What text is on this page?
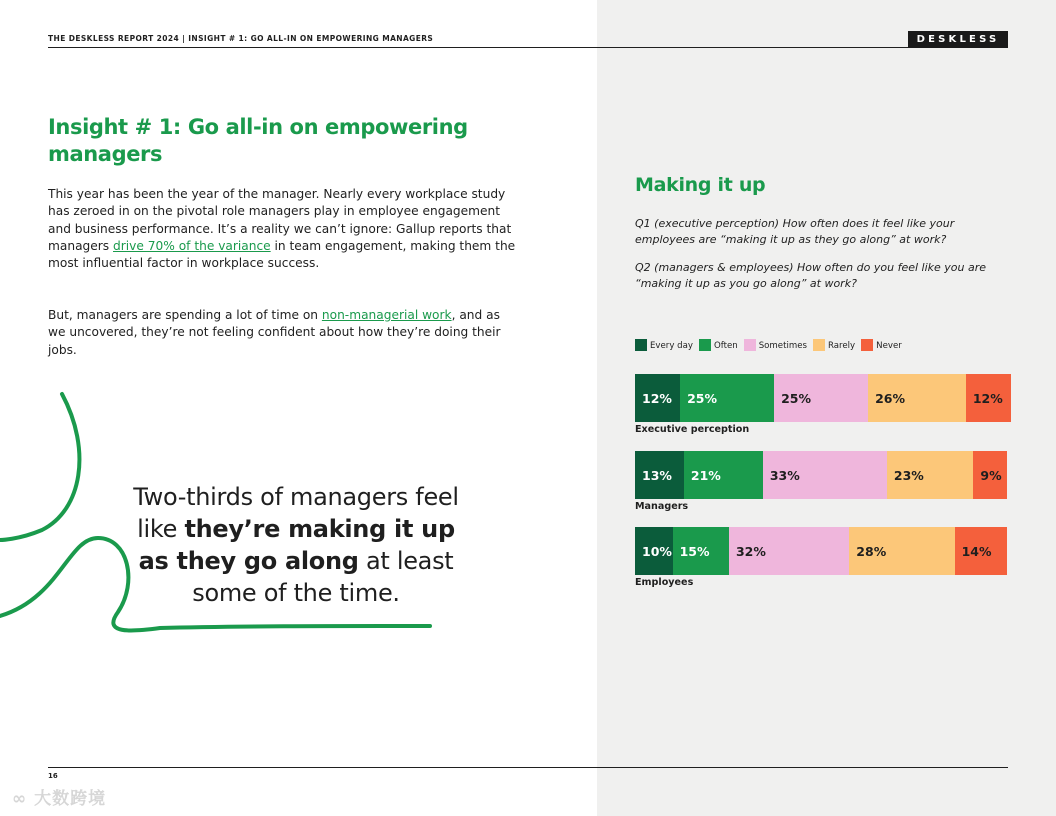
THE DESKLESS REPORT 2024 | INSIGHT # 1: GO ALL-IN ON EMPOWERING MANAGERS	DESKLESS
Insight # 1: Go all-in on empowering managers

This year has been the year of the manager. Nearly every workplace study has zeroed in on the pivotal role managers play in employee engagement and business performance. It’s a reality we can’t ignore: Gallup reports that managers drive 70% of the variance in team engagement, making them the most influential factor in workplace success.

But, managers are spending a lot of time on non-managerial work, and as we uncovered, they’re not feeling confident about how they’re doing their jobs.

Two-thirds of managers feel like they’re making it up as they go along at least some of the time.

Making it up

Q1 (executive perception) How often does it feel like your employees are “making it up as they go along” at work?

Q2 (managers & employees) How often do you feel like you are “making it up as you go along” at work?

Every day Often Sometimes Rarely Never
12%	25%	25%	26%	12%

Executive perception

13%	21%	33%	23%	9%

Managers

10% 15%	32%	28%	14%

Employees

16
∞ 大数跨境
